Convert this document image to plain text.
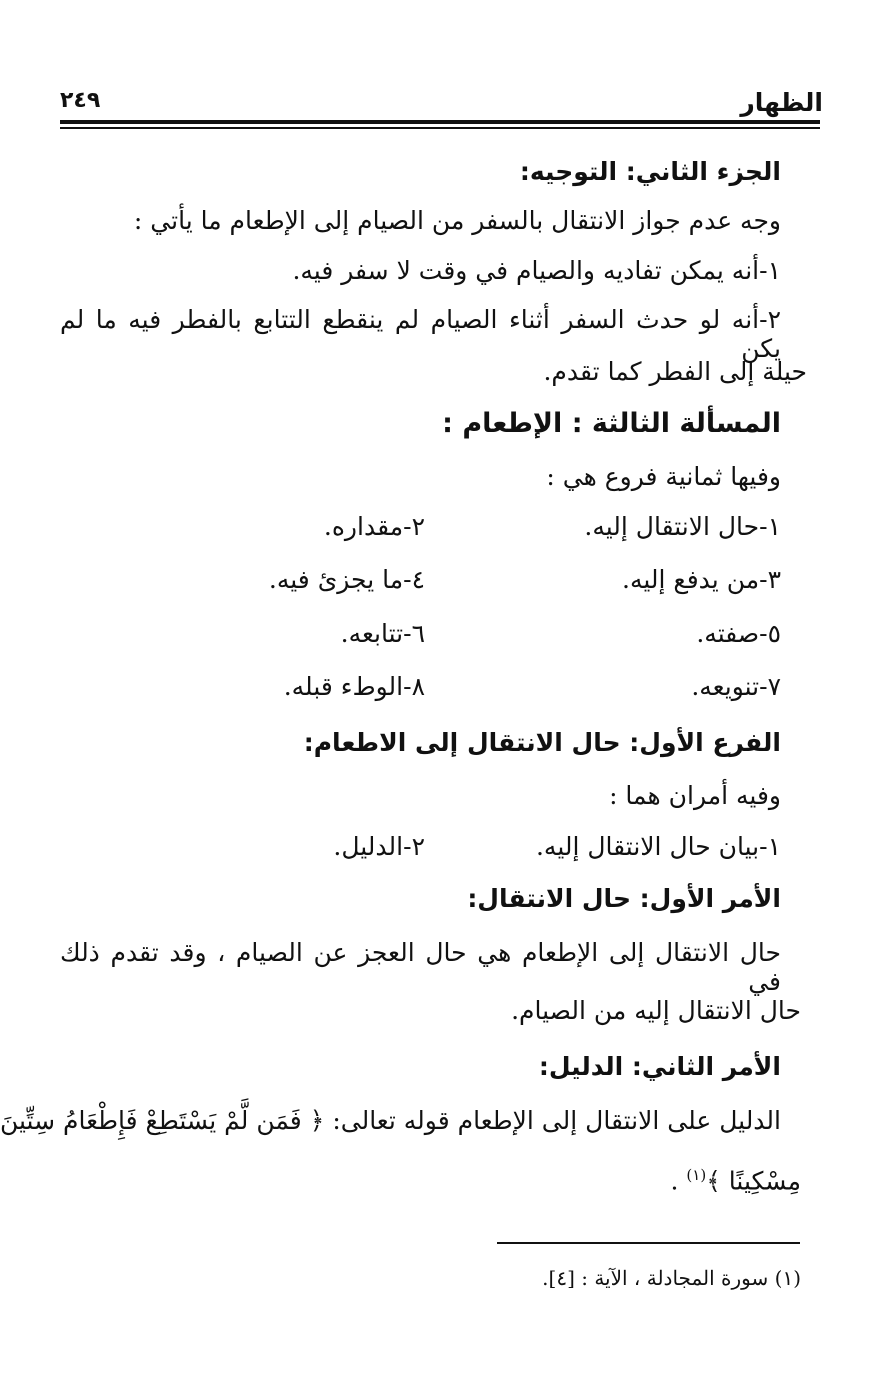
الظهار
٢٤٩
الجزء الثاني: التوجيه:
وجه عدم جواز الانتقال بالسفر من الصيام إلى الإطعام ما يأتي :
١-أنه يمكن تفاديه والصيام في وقت لا سفر فيه.
٢-أنه لو حدث السفر أثناء الصيام لم ينقطع التتابع بالفطر فيه ما لم يكن
حيلة إلى الفطر كما تقدم.
المسألة الثالثة : الإطعام :
وفيها ثمانية فروع هي :
١-حال الانتقال إليه.
٢-مقداره.
٣-من يدفع إليه.
٤-ما يجزئ فيه.
٥-صفته.
٦-تتابعه.
٧-تنويعه.
٨-الوطء قبله.
الفرع الأول: حال الانتقال إلى الاطعام:
وفيه أمران هما :
١-بيان حال الانتقال إليه.
٢-الدليل.
الأمر الأول: حال الانتقال:
حال الانتقال إلى الإطعام هي حال العجز عن الصيام ، وقد تقدم ذلك في
حال الانتقال إليه من الصيام.
الأمر الثاني: الدليل:
الدليل على الانتقال إلى الإطعام قوله تعالى: ﴿ فَمَن لَّمْ يَسْتَطِعْ فَإِطْعَامُ سِتِّينَ
مِسْكِينًا ﴾$^{(١)}$ .
(١) سورة المجادلة ، الآية : [٤].
